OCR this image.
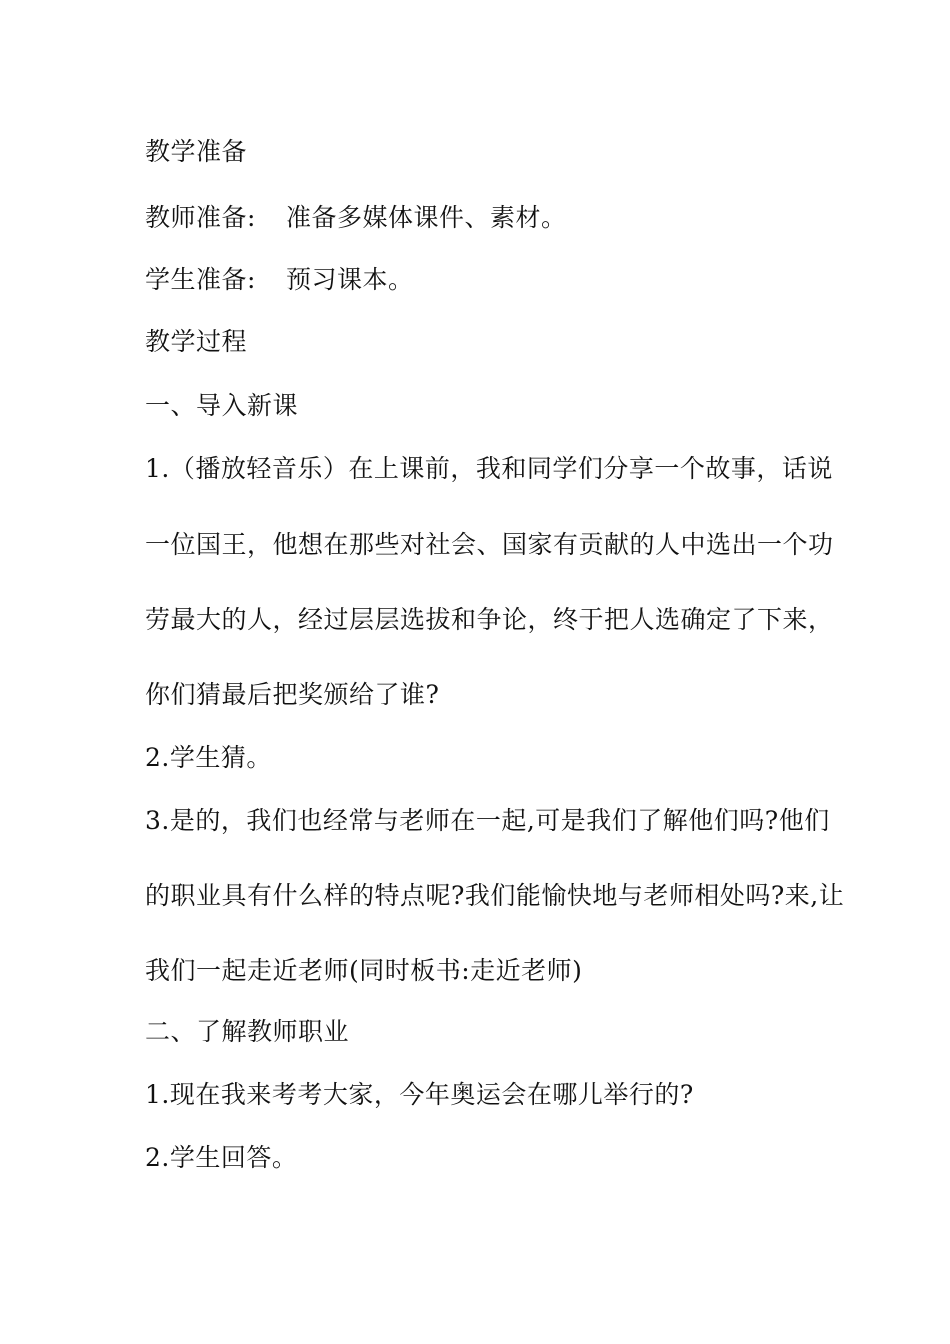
教学准备
教师准备: 准备多媒体课件、素材。
学生准备: 预习课本。
教学过程
一、导入新课
1.（播放轻音乐）在上课前，我和同学们分享一个故事，话说
一位国王，他想在那些对社会、国家有贡献的人中选出一个功
劳最大的人，经过层层选拔和争论，终于把人选确定了下来，
你们猜最后把奖颁给了谁?
2.学生猜。
3.是的，我们也经常与老师在一起,可是我们了解他们吗?他们
的职业具有什么样的特点呢?我们能愉快地与老师相处吗?来,让
我们一起走近老师(同时板书:走近老师)
二、了解教师职业
1.现在我来考考大家，今年奥运会在哪儿举行的?
2.学生回答。
